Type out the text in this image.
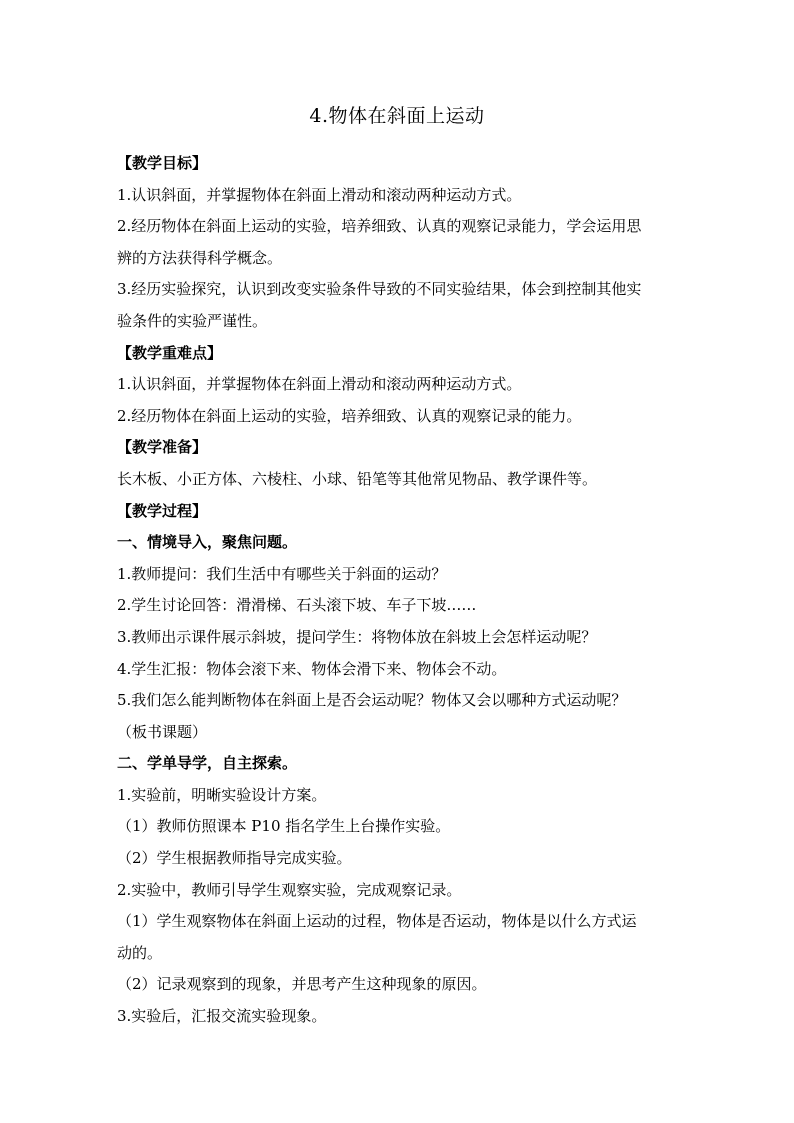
4.物体在斜面上运动

【教学目标】

1.认识斜面，并掌握物体在斜面上滑动和滚动两种运动方式。

2.经历物体在斜面上运动的实验，培养细致、认真的观察记录能力，学会运用思

辨的方法获得科学概念。

3.经历实验探究，认识到改变实验条件导致的不同实验结果，体会到控制其他实

验条件的实验严谨性。

【教学重难点】

1.认识斜面，并掌握物体在斜面上滑动和滚动两种运动方式。

2.经历物体在斜面上运动的实验，培养细致、认真的观察记录的能力。

【教学准备】

长木板、小正方体、六棱柱、小球、铅笔等其他常见物品、教学课件等。

【教学过程】

一、情境导入，聚焦问题。

1.教师提问：我们生活中有哪些关于斜面的运动？

2.学生讨论回答：滑滑梯、石头滚下坡、车子下坡……

3.教师出示课件展示斜坡，提问学生：将物体放在斜坡上会怎样运动呢？

4.学生汇报：物体会滚下来、物体会滑下来、物体会不动。

5.我们怎么能判断物体在斜面上是否会运动呢？物体又会以哪种方式运动呢？

（板书课题）

二、学单导学，自主探索。

1.实验前，明晰实验设计方案。

（1）教师仿照课本 P10 指名学生上台操作实验。

（2）学生根据教师指导完成实验。

2.实验中，教师引导学生观察实验，完成观察记录。

（1）学生观察物体在斜面上运动的过程，物体是否运动，物体是以什么方式运

动的。

（2）记录观察到的现象，并思考产生这种现象的原因。

3.实验后，汇报交流实验现象。
